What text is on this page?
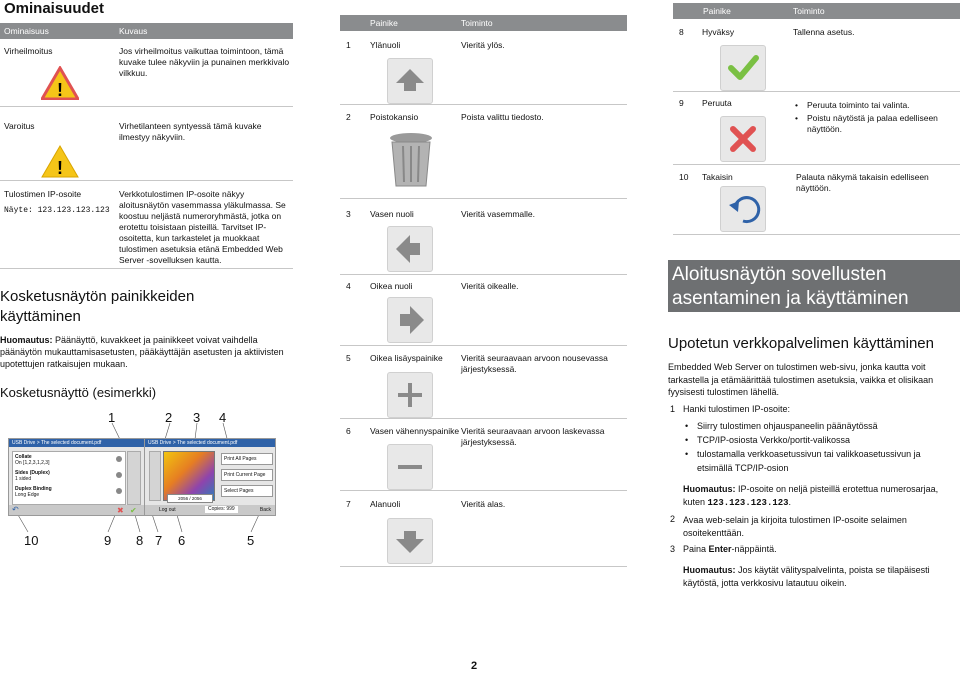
Ominaisuudet
Ominaisuus	Kuvaus
Virheilmoitus	Jos virheilmoitus vaikuttaa toimintoon, tämä kuvake tulee näkyviin ja punainen merkkivalo vilkkuu.
!
Varoitus	Virhetilanteen syntyessä tämä kuvake ilmestyy näkyviin.
!
Tulostimen IP-osoite
Näyte: 123.123.123.123
Verkkotulostimen IP-osoite näkyy aloitusnäytön vasemmassa yläkulmassa. Se koostuu neljästä numeroryhmästä, jotka on erotettu toisistaan pisteillä. Tarvitset IP-osoitetta, kun tarkastelet ja muokkaat tulostimen asetuksia etänä Embedded Web Server -sovelluksen kautta.
Kosketusnäytön painikkeiden käyttäminen
Huomautus: Päänäyttö, kuvakkeet ja painikkeet voivat vaihdella päänäytön mukauttamisasetusten, pääkäyttäjän asetusten ja aktiivisten upotettujen ratkaisujen mukaan.
Kosketusnäyttö (esimerkki)
1	2 3 4
10	9 8 7 6	5
USB Drive > The selected document.pdf
Collate
On [1,2,3,1,2,3]
Sides (Duplex)
1 sided
Duplex Binding
Long Edge
↶	✖ ✔
USB Drive > The selected document.pdf
2056 / 2056
Print All Pages
Print Current Page
Select Pages
Log out	Copies: 999	Back
Painike	Toiminto
1 Ylänuoli	Vieritä ylös.
2 Poistokansio	Poista valittu tiedosto.
3 Vasen nuoli	Vieritä vasemmalle.
4 Oikea nuoli	Vieritä oikealle.
5 Oikea lisäyspainike Vieritä seuraavaan arvoon nousevassa järjestyksessä.
6 Vasen vähennyspainike Vieritä seuraavaan arvoon laskevassa järjestyksessä.
7 Alanuoli	Vieritä alas.
Painike	Toiminto
8 Hyväksy	Tallenna asetus.
9 Peruuta
•	Peruuta toiminto tai valinta.
• Poistu näytöstä ja palaa edelliseen näyttöön.
10 Takaisin	Palauta näkymä takaisin edelliseen näyttöön.
Aloitusnäytön sovellusten asentaminen ja käyttäminen
Upotetun verkkopalvelimen käyttäminen
Embedded Web Server on tulostimen web-sivu, jonka kautta voit tarkastella ja etämäärittää tulostimen asetuksia, vaikka et olisikaan fyysisesti tulostimen lähellä.
1 Hanki tulostimen IP-osoite:
• Siirry tulostimen ohjauspaneelin päänäytössä
• TCP/IP-osiosta Verkko/portit-valikossa
• tulostamalla verkkoasetussivun tai valikkoasetussivun ja etsimällä TCP/IP-osion
Huomautus: IP-osoite on neljä pisteillä erotettua numerosarjaa,
kuten 123.123.123.123.
2 Avaa web-selain ja kirjoita tulostimen IP-osoite selaimen osoitekenttään.
3 Paina Enter-näppäintä.
Huomautus: Jos käytät välityspalvelinta, poista se tilapäisesti käytöstä, jotta verkkosivu latautuu oikein.
2
